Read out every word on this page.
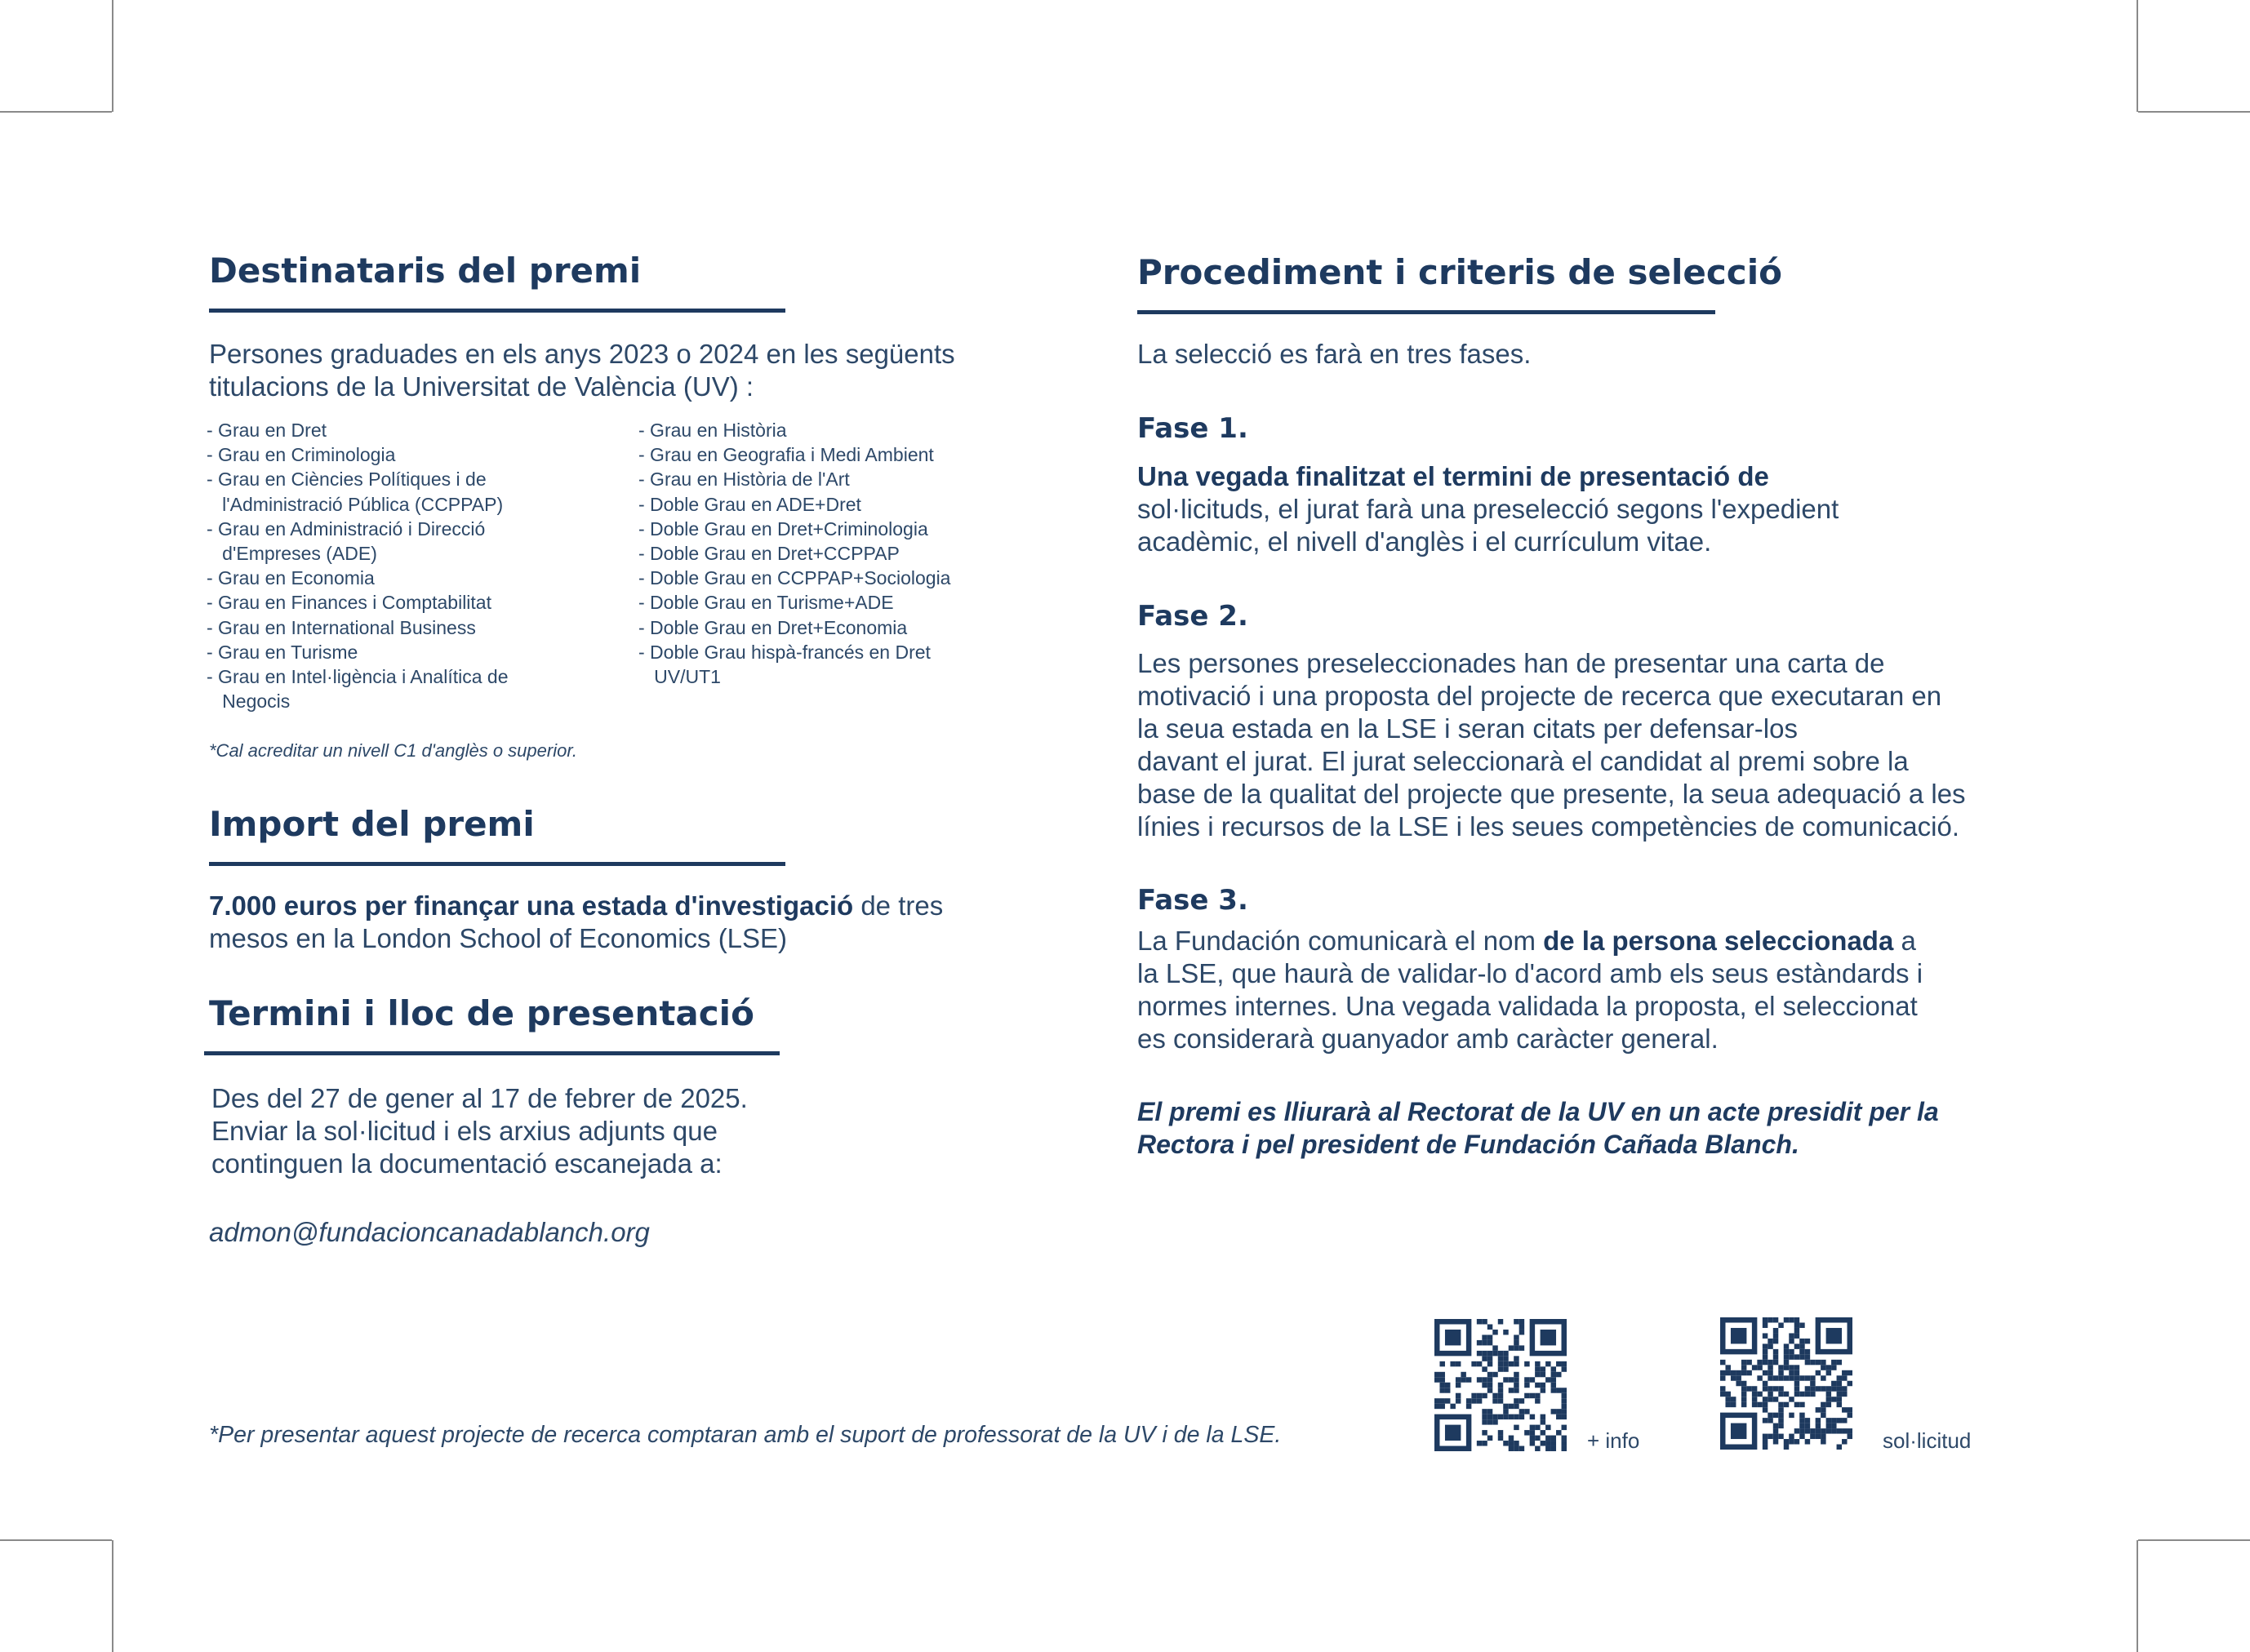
Destinataris del premi

Persones graduades en els anys 2023 o 2024 en les següents

titulacions de la Universitat de València (UV) :

- Grau en Dret
- Grau en Criminologia
- Grau en Ciències Polítiques i de
l'Administració Pública (CCPPAP)
- Grau en Administració i Direcció
d'Empreses (ADE)
- Grau en Economia
- Grau en Finances i Comptabilitat
- Grau en International Business
- Grau en Turisme
- Grau en Intel·ligència i Analítica de
Negocis
- Grau en Història
- Grau en Geografia i Medi Ambient
- Grau en Història de l'Art
- Doble Grau en ADE+Dret
- Doble Grau en Dret+Criminologia
- Doble Grau en Dret+CCPPAP
- Doble Grau en CCPPAP+Sociologia
- Doble Grau en Turisme+ADE
- Doble Grau en Dret+Economia
- Doble Grau hispà-francés en Dret
UV/UT1
*Cal acreditar un nivell C1 d'anglès o superior.
Import del premi

7.000 euros per finançar una estada d'investigació de tres

mesos en la London School of Economics (LSE)

Termini i lloc de presentació

Des del 27 de gener al 17 de febrer de 2025.

Enviar la sol·licitud i els arxius adjunts que

continguen la documentació escanejada a:

admon@fundacioncanadablanch.org
Procediment i criteris de selecció

La selecció es farà en tres fases.

Fase 1.

Una vegada finalitzat el termini de presentació de

sol·licituds, el jurat farà una preselecció segons l'expedient

acadèmic, el nivell d'anglès i el currículum vitae.

Fase 2.

Les persones preseleccionades han de presentar una carta de

motivació i una proposta del projecte de recerca que executaran en

la seua estada en la LSE i seran citats per defensar-los

davant el jurat. El jurat seleccionarà el candidat al premi sobre la

base de la qualitat del projecte que presente, la seua adequació a les

línies i recursos de la LSE i les seues competències de comunicació.

Fase 3.

La Fundación comunicarà el nom de la persona seleccionada a

la LSE, que haurà de validar-lo d'acord amb els seus estàndards i

normes internes. Una vegada validada la proposta, el seleccionat

es considerarà guanyador amb caràcter general.

El premi es lliurarà al Rectorat de la UV en un acte presidit per la

Rectora i pel president de Fundación Cañada Blanch.

*Per presentar aquest projecte de recerca comptaran amb el suport de professorat de la UV i de la LSE.	+ info	sol·licitud
